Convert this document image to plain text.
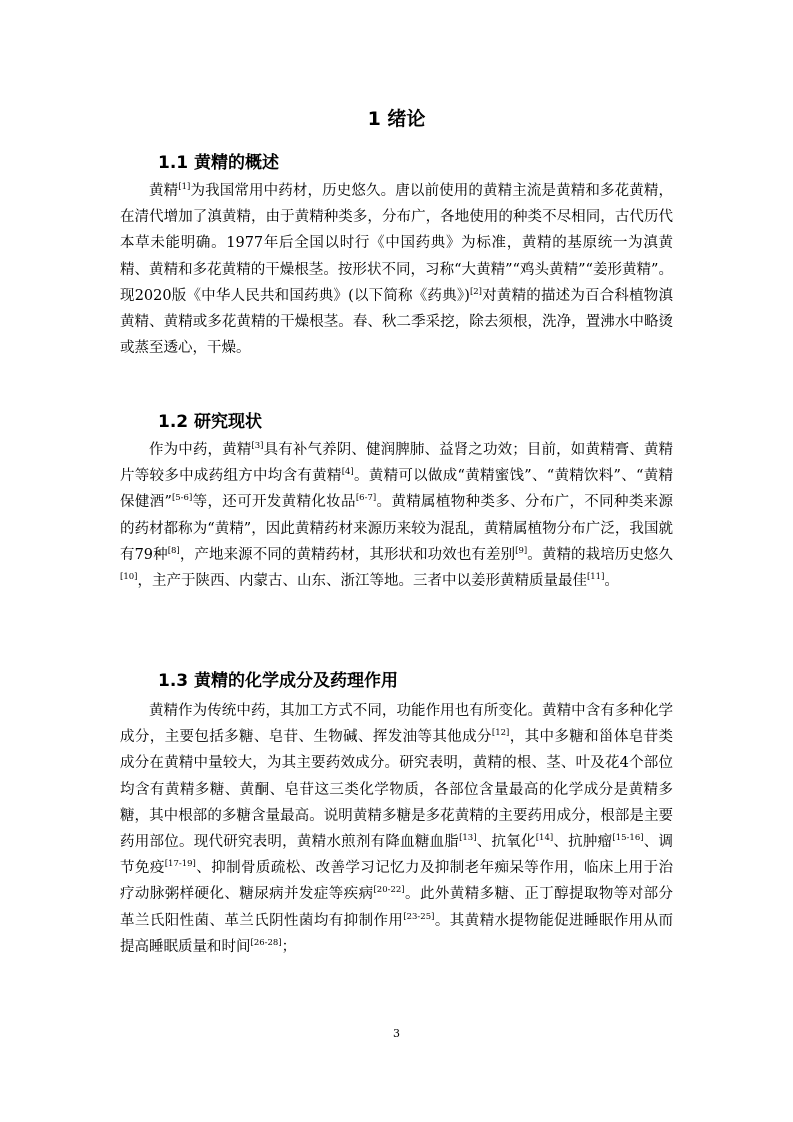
1 绪论
1.1 黄精的概述

黄精[1]为我国常用中药材，历史悠久。唐以前使用的黄精主流是黄精和多花黄精，在清代增加了滇黄精，由于黄精种类多，分布广，各地使用的种类不尽相同，古代历代本草未能明确。1977年后全国以时行《中国药典》为标准，黄精的基原统一为滇黄精、黄精和多花黄精的干燥根茎。按形状不同，习称“大黄精”“鸡头黄精”“姜形黄精”。现2020版《中华人民共和国药典》(以下简称《药典》)[2]对黄精的描述为百合科植物滇黄精、黄精或多花黄精的干燥根茎。春、秋二季采挖，除去须根，洗净，置沸水中略烫或蒸至透心，干燥。

1.2 研究现状

作为中药，黄精[3]具有补气养阴、健润脾肺、益肾之功效；目前，如黄精膏、黄精片等较多中成药组方中均含有黄精[4]。黄精可以做成“黄精蜜饯”、“黄精饮料”、“黄精保健酒”[5-6]等，还可开发黄精化妆品[6-7]。黄精属植物种类多、分布广，不同种类来源的药材都称为“黄精”，因此黄精药材来源历来较为混乱，黄精属植物分布广泛，我国就有79种[8]，产地来源不同的黄精药材，其形状和功效也有差别[9]。黄精的栽培历史悠久[10]，主产于陕西、内蒙古、山东、浙江等地。三者中以姜形黄精质量最佳[11]。

1.3 黄精的化学成分及药理作用

黄精作为传统中药，其加工方式不同，功能作用也有所变化。黄精中含有多种化学成分，主要包括多糖、皂苷、生物碱、挥发油等其他成分[12]，其中多糖和甾体皂苷类成分在黄精中量较大，为其主要药效成分。研究表明，黄精的根、茎、叶及花4个部位均含有黄精多糖、黄酮、皂苷这三类化学物质，各部位含量最高的化学成分是黄精多糖，其中根部的多糖含量最高。说明黄精多糖是多花黄精的主要药用成分，根部是主要药用部位。现代研究表明，黄精水煎剂有降血糖血脂[13]、抗氧化[14]、抗肿瘤[15-16]、调节免疫[17-19]、抑制骨质疏松、改善学习记忆力及抑制老年痴呆等作用，临床上用于治疗动脉粥样硬化、糖尿病并发症等疾病[20-22]。此外黄精多糖、正丁醇提取物等对部分革兰氏阳性菌、革兰氏阴性菌均有抑制作用[23-25]。其黄精水提物能促进睡眠作用从而提高睡眠质量和时间[26-28]；

3
